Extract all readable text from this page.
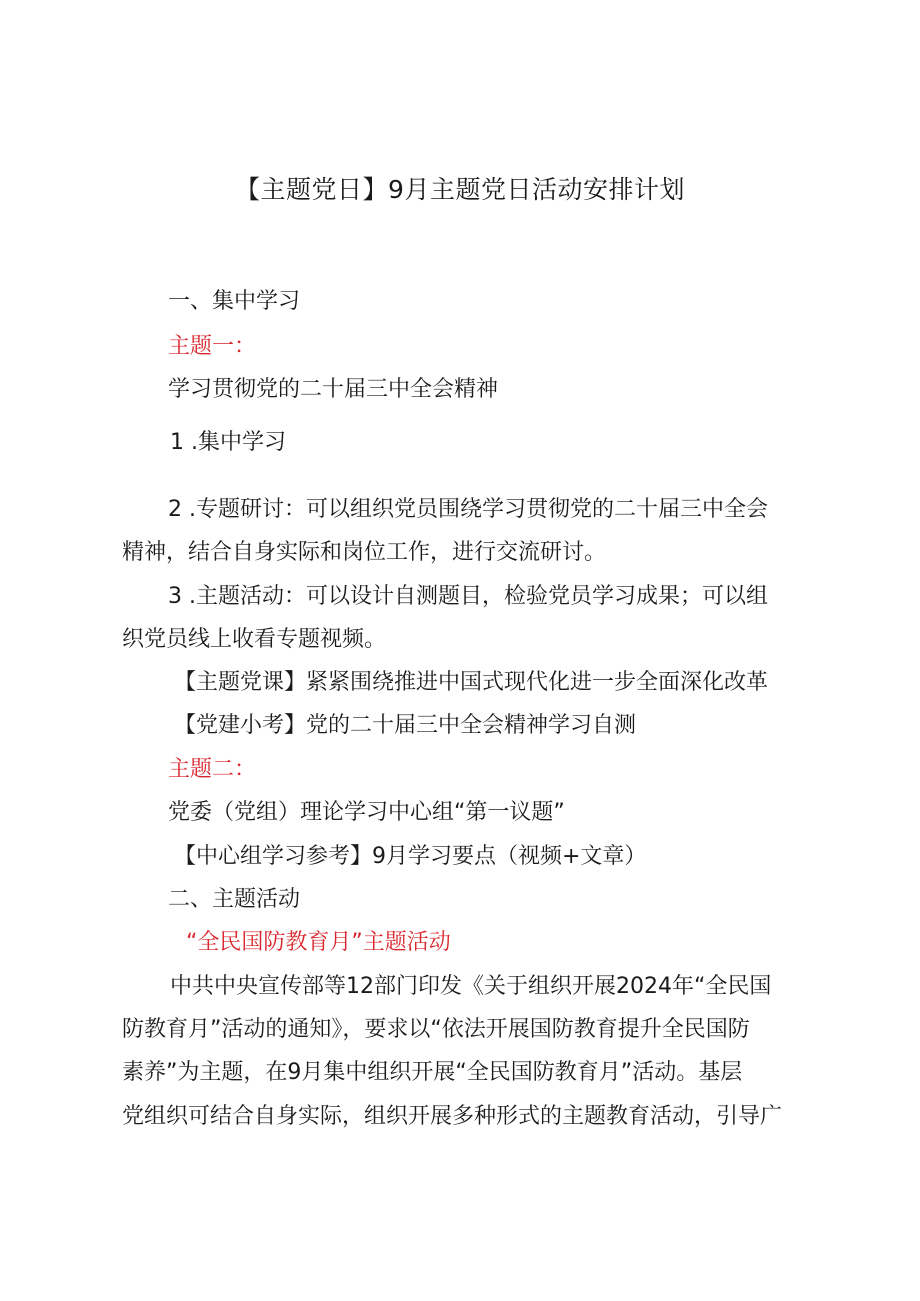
【主题党日】9月主题党日活动安排计划
一、集中学习
主题一：
学习贯彻党的二十届三中全会精神
1 .集中学习
2 .专题研讨：可以组织党员围绕学习贯彻党的二十届三中全会
精神，结合自身实际和岗位工作，进行交流研讨。
3 .主题活动：可以设计自测题目，检验党员学习成果；可以组
织党员线上收看专题视频。
【主题党课】紧紧围绕推进中国式现代化进一步全面深化改革
【党建小考】党的二十届三中全会精神学习自测
主题二：
党委（党组）理论学习中心组“第一议题”
【中心组学习参考】9月学习要点（视频+文章）
二、主题活动
“全民国防教育月”主题活动
中共中央宣传部等12部门印发《关于组织开展2024年“全民国
防教育月”活动的通知》，要求以“依法开展国防教育提升全民国防
素养”为主题，在9月集中组织开展“全民国防教育月”活动。基层
党组织可结合自身实际，组织开展多种形式的主题教育活动，引导广
